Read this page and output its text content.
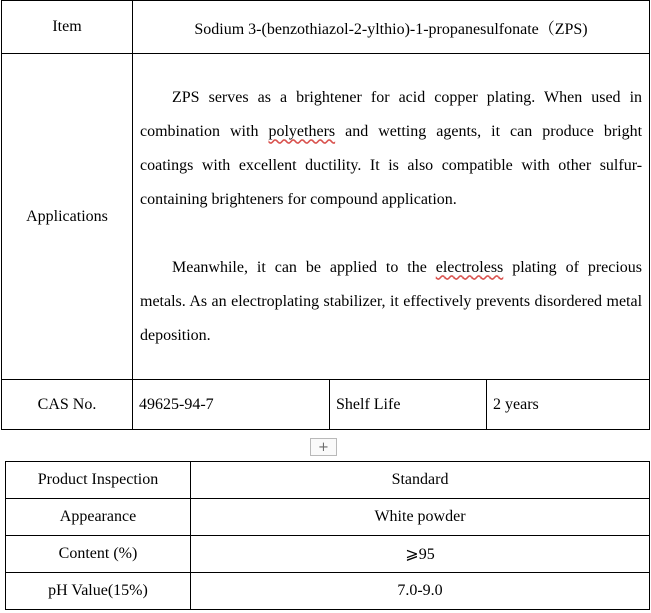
Item	Sodium 3-(benzothiazol-2-ylthio)-1-propanesulfonate（ZPS)		
Applications	ZPS serves as a brightener for acid copper plating. When used in combination with polyethers and wetting agents, it can produce bright coatings with excellent ductility. It is also compatible with other sulfur-containing brighteners for compound application.

Meanwhile, it can be applied to the electroless plating of precious metals. As an electroplating stabilizer, it effectively prevents disordered metal deposition.		

CAS No.	49625-94-7	Shelf Life	2 years
+
Product Inspection	Standard
Appearance	White powder
Content (%)	⩾95
pH Value(15%)	7.0-9.0
